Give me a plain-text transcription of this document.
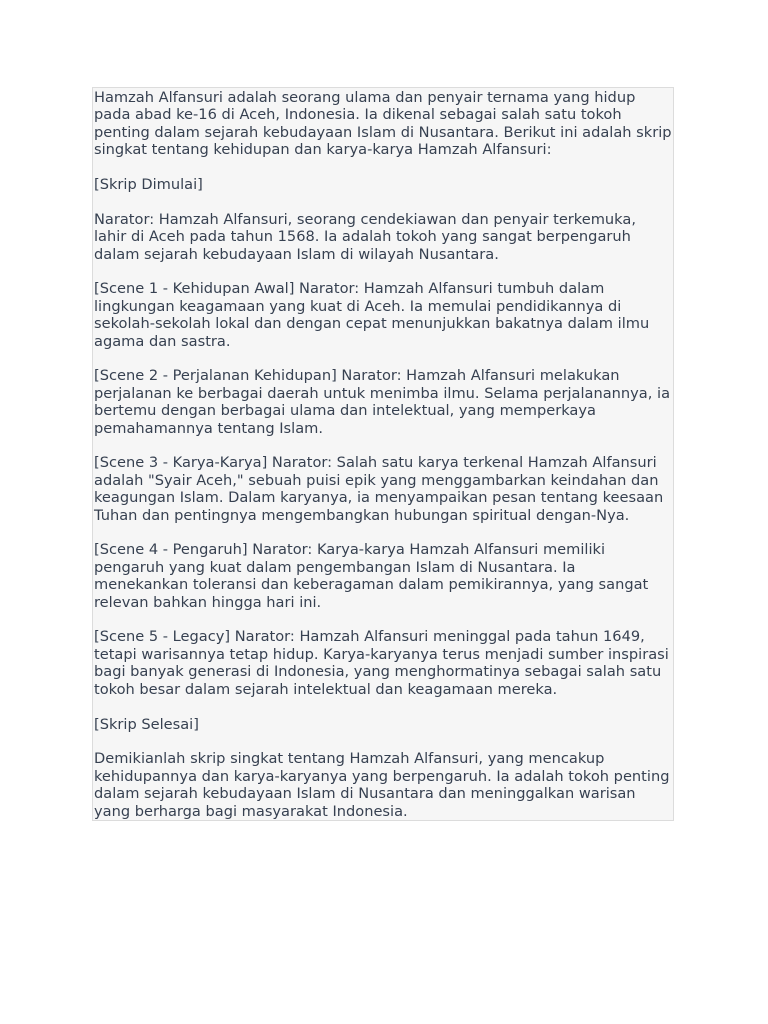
Hamzah Alfansuri adalah seorang ulama dan penyair ternama yang hidup pada abad ke-16 di Aceh, Indonesia. Ia dikenal sebagai salah satu tokoh penting dalam sejarah kebudayaan Islam di Nusantara. Berikut ini adalah skrip singkat tentang kehidupan dan karya-karya Hamzah Alfansuri:

[Skrip Dimulai]

Narator: Hamzah Alfansuri, seorang cendekiawan dan penyair terkemuka, lahir di Aceh pada tahun 1568. Ia adalah tokoh yang sangat berpengaruh dalam sejarah kebudayaan Islam di wilayah Nusantara.

[Scene 1 - Kehidupan Awal] Narator: Hamzah Alfansuri tumbuh dalam lingkungan keagamaan yang kuat di Aceh. Ia memulai pendidikannya di sekolah-sekolah lokal dan dengan cepat menunjukkan bakatnya dalam ilmu agama dan sastra.

[Scene 2 - Perjalanan Kehidupan] Narator: Hamzah Alfansuri melakukan perjalanan ke berbagai daerah untuk menimba ilmu. Selama perjalanannya, ia bertemu dengan berbagai ulama dan intelektual, yang memperkaya pemahamannya tentang Islam.

[Scene 3 - Karya-Karya] Narator: Salah satu karya terkenal Hamzah Alfansuri adalah "Syair Aceh," sebuah puisi epik yang menggambarkan keindahan dan keagungan Islam. Dalam karyanya, ia menyampaikan pesan tentang keesaan Tuhan dan pentingnya mengembangkan hubungan spiritual dengan-Nya.

[Scene 4 - Pengaruh] Narator: Karya-karya Hamzah Alfansuri memiliki pengaruh yang kuat dalam pengembangan Islam di Nusantara. Ia menekankan toleransi dan keberagaman dalam pemikirannya, yang sangat relevan bahkan hingga hari ini.

[Scene 5 - Legacy] Narator: Hamzah Alfansuri meninggal pada tahun 1649, tetapi warisannya tetap hidup. Karya-karyanya terus menjadi sumber inspirasi bagi banyak generasi di Indonesia, yang menghormatinya sebagai salah satu tokoh besar dalam sejarah intelektual dan keagamaan mereka.

[Skrip Selesai]

Demikianlah skrip singkat tentang Hamzah Alfansuri, yang mencakup kehidupannya dan karya-karyanya yang berpengaruh. Ia adalah tokoh penting dalam sejarah kebudayaan Islam di Nusantara dan meninggalkan warisan yang berharga bagi masyarakat Indonesia.
